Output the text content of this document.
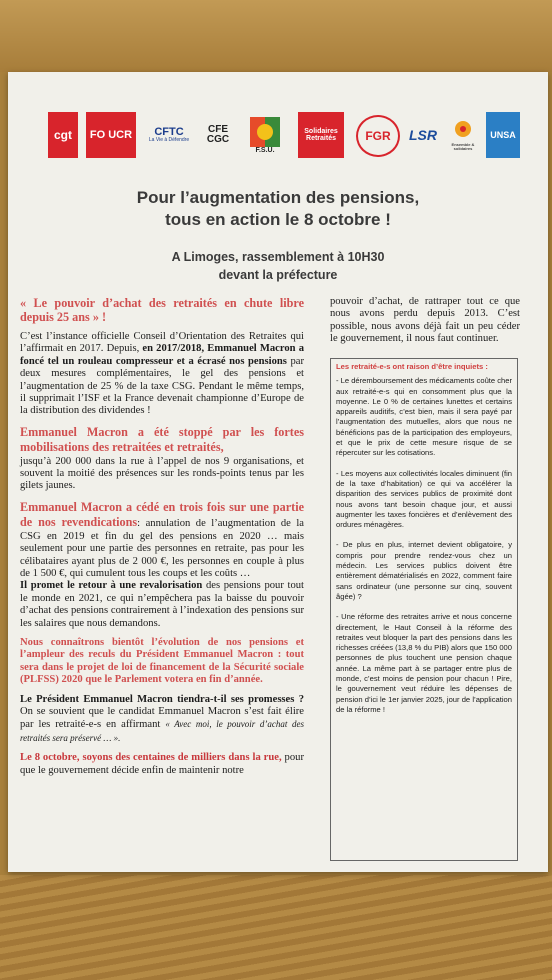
cgt FO UCR CFTC
La Vie à Défendre
CFE CGC
F.S.U.
Solidaires Retraités	FGR LSR
Ensemble & solidaires
UNSA
Pour l’augmentation des pensions,
tous en action le 8 octobre !
A Limoges, rassemblement à 10H30
devant la préfecture

« Le pouvoir d’achat des retraités en chute libre depuis 25 ans » !

C’est l’instance officielle Conseil d’Orientation des Retraites qui l’affirmait en 2017. Depuis, en 2017/2018, Emmanuel Macron a foncé tel un rouleau compresseur et a écrasé nos pensions par deux mesures complémentaires, le gel des pensions et l’augmentation de 25 % de la taxe CSG. Pendant le même temps, il supprimait l’ISF et la France devenait championne d’Europe de la distribution des dividendes !

Emmanuel Macron a été stoppé par les fortes mobilisations des retraitées et retraités,
jusqu’à 200 000 dans la rue à l’appel de nos 9 organisations, et souvent la moitié des présences sur les ronds-points tenus par les gilets jaunes.

Emmanuel Macron a cédé en trois fois sur une partie de nos revendications: annulation de l’augmentation de la CSG en 2019 et fin du gel des pensions en 2020 … mais seulement pour une partie des personnes en retraite, pas pour les célibataires ayant plus de 2 000 €, les personnes en couple à plus de 1 500 €, qui cumulent tous les coups et les coûts …

Il promet le retour à une revalorisation des pensions pour tout le monde en 2021, ce qui n’empêchera pas la baisse du pouvoir d’achat des pensions contrairement à l’indexation des pensions sur les salaires que nous demandons.

Nous connaîtrons bientôt l’évolution de nos pensions et l’ampleur des reculs du Président Emmanuel Macron : tout sera dans le projet de loi de financement de la Sécurité sociale (PLFSS) 2020 que le Parlement votera en fin d’année.

Le Président Emmanuel Macron tiendra-t-il ses promesses ? On se souvient que le candidat Emmanuel Macron s’est fait élire par les retraité-e-s en affirmant « Avec moi, le pouvoir d’achat des retraités sera préservé … ».

Le 8 octobre, soyons des centaines de milliers dans la rue, pour que le gouvernement décide enfin de maintenir notre

pouvoir d’achat, de rattraper tout ce que nous avons perdu depuis 2013. C’est possible, nous avons déjà fait un peu céder le gouvernement, il nous faut continuer.

Les retraité-e-s ont raison d’être inquiets :
- Le déremboursement des médicaments coûte cher aux retraité-e-s qui en consomment plus que la moyenne. Le 0 % de certaines lunettes et certains appareils auditifs, c’est bien, mais il sera payé par l’augmentation des mutuelles, alors que nous ne bénéficions pas de la participation des employeurs, et que le prix de cette mesure risque de se répercuter sur les cotisations.
- Les moyens aux collectivités locales diminuent (fin de la taxe d’habitation) ce qui va accélérer la disparition des services publics de proximité dont nous avons tant besoin chaque jour, et aussi augmenter les taxes foncières et d’enlèvement des ordures ménagères.
- De plus en plus, internet devient obligatoire, y compris pour prendre rendez-vous chez un médecin. Les services publics doivent être entièrement dématérialisés en 2022, comment faire sans ordinateur (une personne sur cinq, souvent âgée) ?
- Une réforme des retraites arrive et nous concerne directement, le Haut Conseil à la réforme des retraites veut bloquer la part des pensions dans les richesses créées (13,8 % du PIB) alors que 150 000 personnes de plus touchent une pension chaque année. La même part à se partager entre plus de monde, c’est moins de pension pour chacun ! Pire, le gouvernement veut réduire les dépenses de pension d’ici le 1er janvier 2025, jour de l’application de la réforme !
